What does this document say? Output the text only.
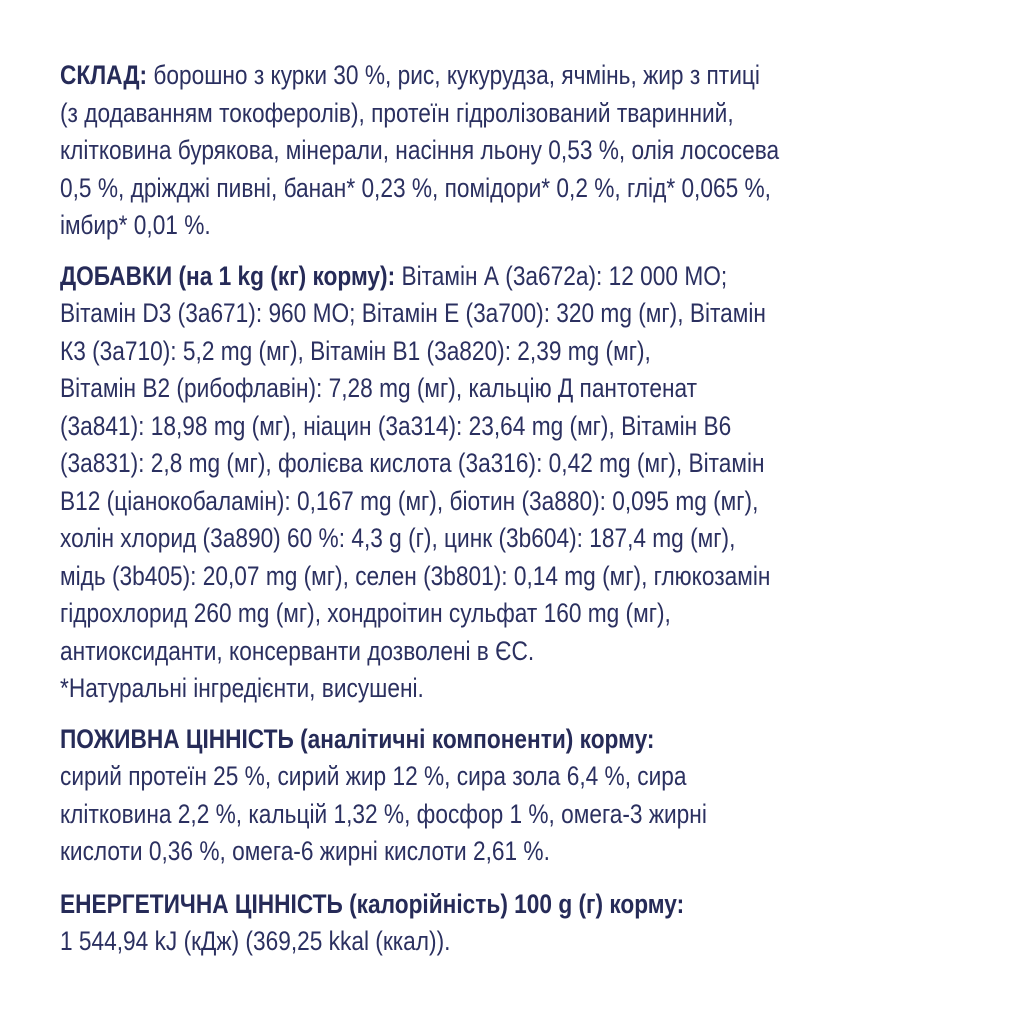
СКЛАД: борошно з курки 30 %, рис, кукурудза, ячмінь, жир з птиці
(з додаванням токоферолів), протеїн гідролізований тваринний,
клітковина бурякова, мінерали, насіння льону 0,53 %, олія лососева
0,5 %, дріжджі пивні, банан* 0,23 %, помідори* 0,2 %, глід* 0,065 %,
імбир* 0,01 %.
ДОБАВКИ (на 1 kg (кг) корму): Вітамін А (3а672а): 12 000 МО;
Вітамін D3 (3а671): 960 МО; Вітамін Е (3а700): 320 mg (мг), Вітамін
К3 (3а710): 5,2 mg (мг), Вітамін В1 (3а820): 2,39 mg (мг),
Вітамін В2 (рибофлавін): 7,28 mg (мг), кальцію Д пантотенат
(3а841): 18,98 mg (мг), ніацин (3а314): 23,64 mg (мг), Вітамін В6
(3а831): 2,8 mg (мг), фолієва кислота (3а316): 0,42 mg (мг), Вітамін
В12 (ціанокобаламін): 0,167 mg (мг), біотин (3а880): 0,095 mg (мг),
холін хлорид (3а890) 60 %: 4,3 g (г), цинк (3b604): 187,4 mg (мг),
мідь (3b405): 20,07 mg (мг), селен (3b801): 0,14 mg (мг), глюкозамін
гідрохлорид 260 mg (мг), хондроітин сульфат 160 mg (мг),
антиоксиданти, консерванти дозволені в ЄС.
*Натуральні інгредієнти, висушені.
ПОЖИВНА ЦІННІСТЬ (аналітичні компоненти) корму:
сирий протеїн 25 %, сирий жир 12 %, сира зола 6,4 %, сира
клітковина 2,2 %, кальцій 1,32 %, фосфор 1 %, омега-3 жирні
кислоти 0,36 %, омега-6 жирні кислоти 2,61 %.
ЕНЕРГЕТИЧНА ЦІННІСТЬ (калорійність) 100 g (г) корму:
1 544,94 kJ (кДж) (369,25 kkal (ккал)).
